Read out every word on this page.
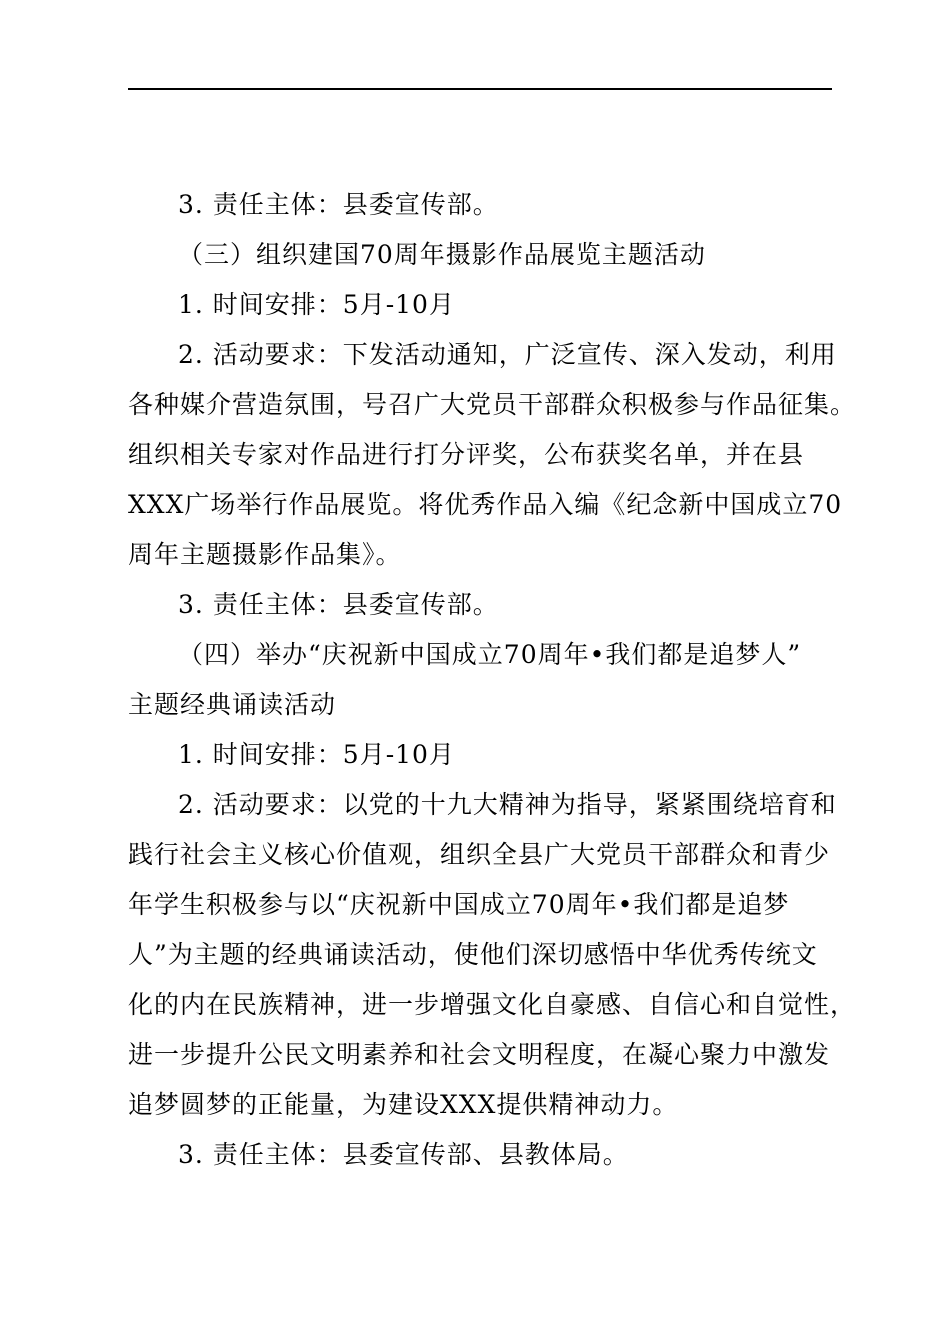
3. 责任主体：县委宣传部。

（三）组织建国70周年摄影作品展览主题活动

1. 时间安排：5月-10月

2. 活动要求：下发活动通知，广泛宣传、深入发动，利用
各种媒介营造氛围，号召广大党员干部群众积极参与作品征集。
组织相关专家对作品进行打分评奖，公布获奖名单，并在县
XXX广场举行作品展览。将优秀作品入编《纪念新中国成立70
周年主题摄影作品集》。

3. 责任主体：县委宣传部。

（四）举办“庆祝新中国成立70周年•我们都是追梦人”
主题经典诵读活动

1. 时间安排：5月-10月

2. 活动要求：以党的十九大精神为指导，紧紧围绕培育和
践行社会主义核心价值观，组织全县广大党员干部群众和青少
年学生积极参与以“庆祝新中国成立70周年•我们都是追梦
人”为主题的经典诵读活动，使他们深切感悟中华优秀传统文
化的内在民族精神，进一步增强文化自豪感、自信心和自觉性，
进一步提升公民文明素养和社会文明程度，在凝心聚力中激发
追梦圆梦的正能量，为建设XXX提供精神动力。

3. 责任主体：县委宣传部、县教体局。
